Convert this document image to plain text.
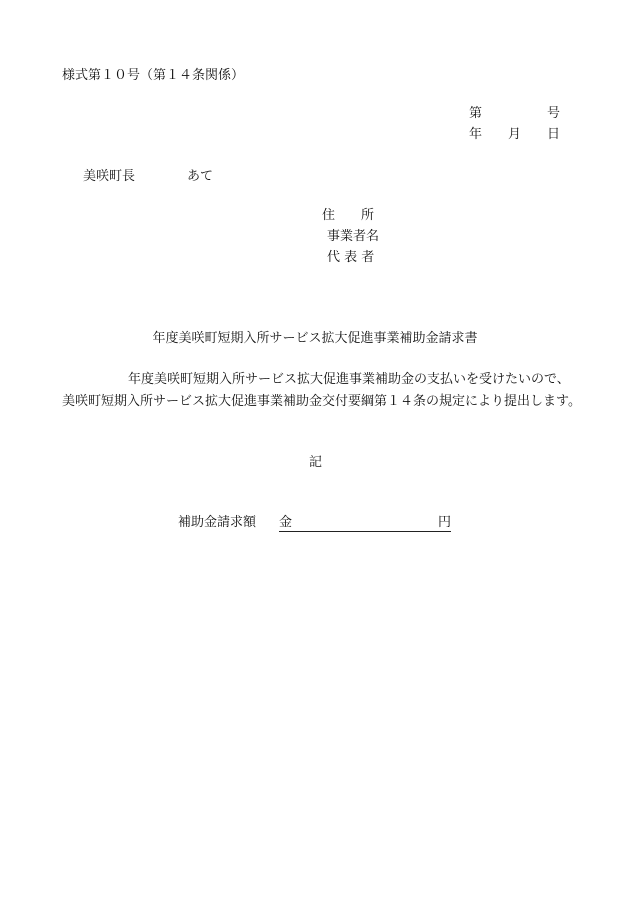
様式第１０号（第１４条関係）
第	号
年 月 日
美咲町長	あて
住　　所
事業者名
代 表 者
年度美咲町短期入所サービス拡大促進事業補助金請求書
年度美咲町短期入所サービス拡大促進事業補助金の支払いを受けたいので、
美咲町短期入所サービス拡大促進事業補助金交付要綱第１４条の規定により提出します。
記
補助金請求額 金	円
